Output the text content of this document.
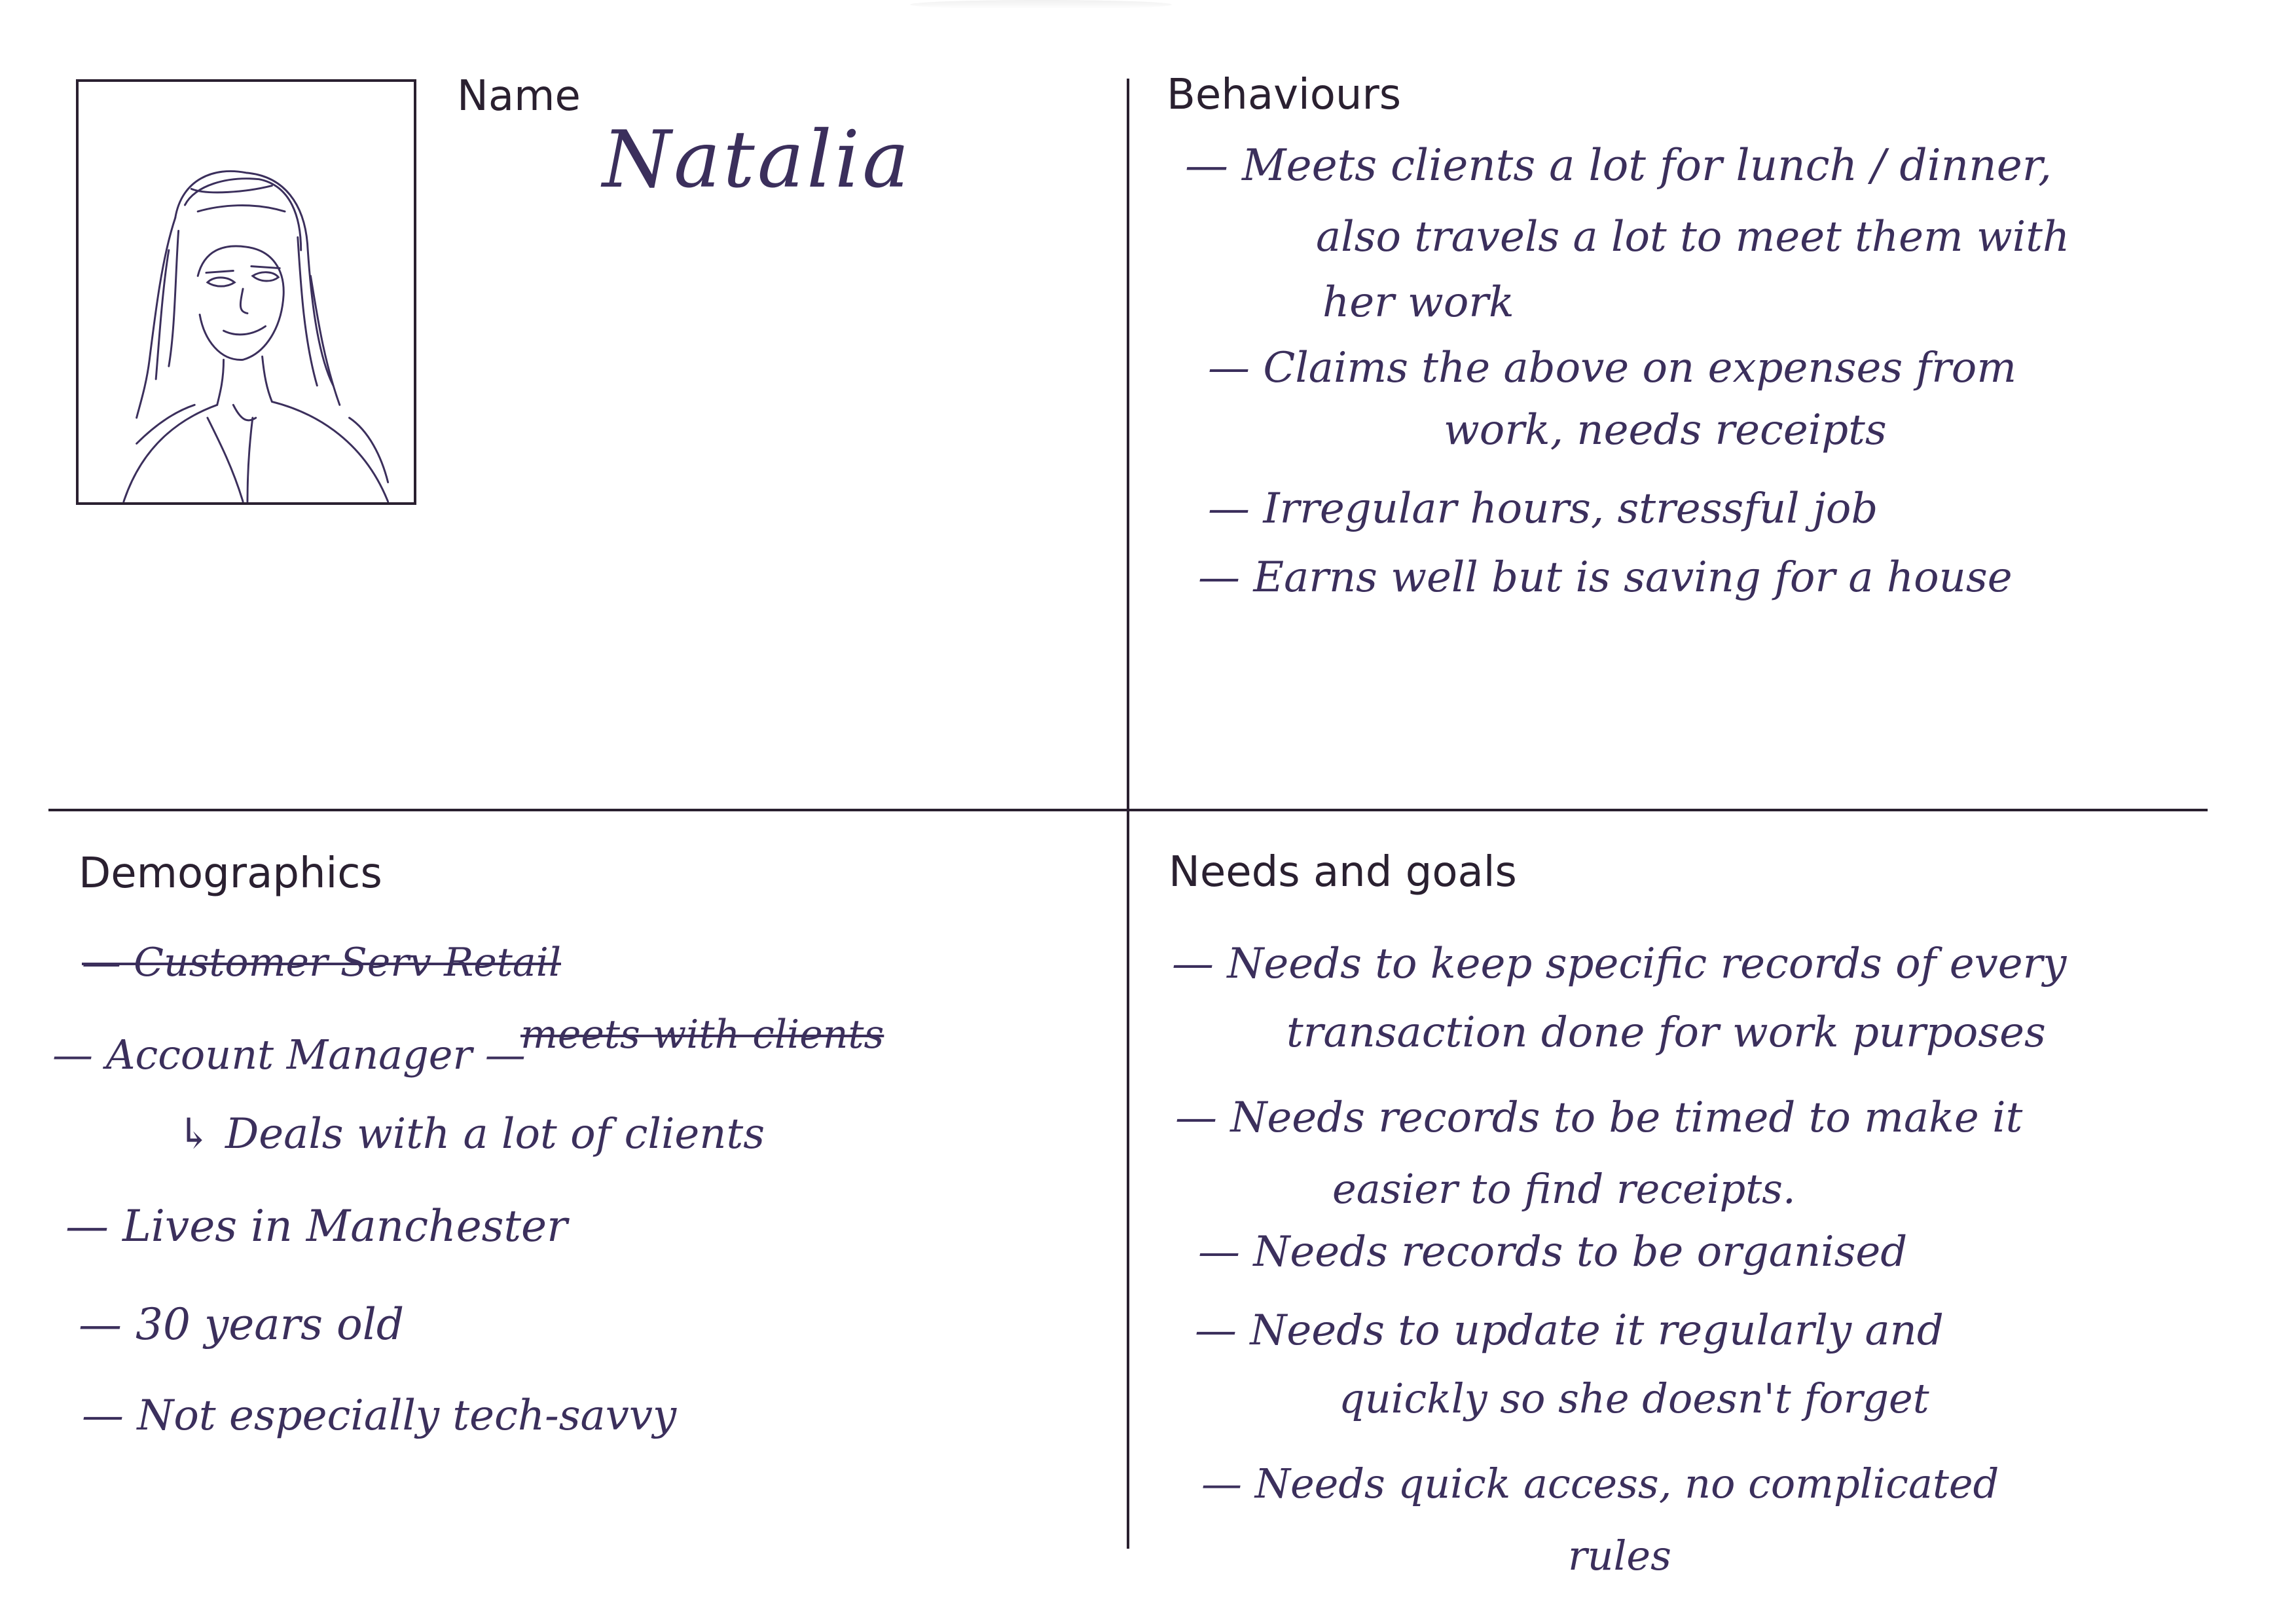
Name
Natalia
Behaviours
— Meets clients a lot for lunch / dinner,
also travels a lot to meet them with
her work
— Claims the above on expenses from
work, needs receipts
— Irregular hours, stressful job
— Earns well but is saving for a house
Demographics
— Customer Serv Retail
— Account Manager —
meets with clients
↳ Deals with a lot of clients
— Lives in Manchester
— 30 years old
— Not especially tech-savvy
Needs and goals
— Needs to keep specific records of every
transaction done for work purposes
— Needs records to be timed to make it
easier to find receipts.
— Needs records to be organised
— Needs to update it regularly and
quickly so she doesn't forget
— Needs quick access, no complicated
rules
